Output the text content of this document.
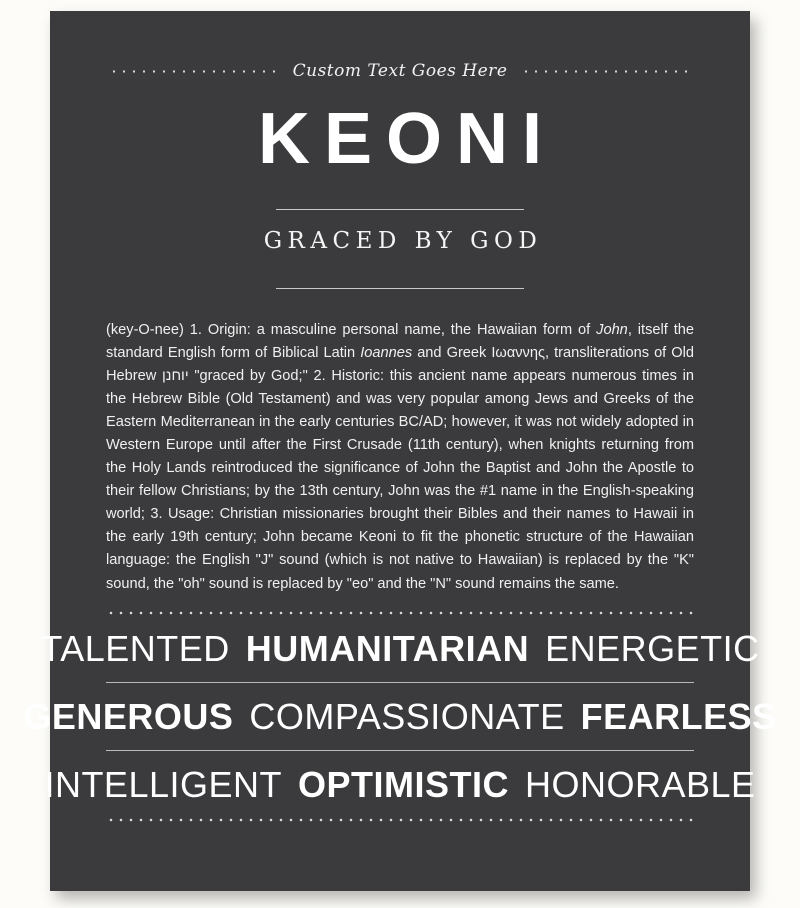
Custom Text Goes Here
KEONI
GRACED BY GOD
(key-O-nee) 1. Origin: a masculine personal name, the Hawaiian form of John, itself the standard English form of Biblical Latin Ioannes and Greek Ιωαννης, transliterations of Old Hebrew יוחנן "graced by God;" 2. Historic: this ancient name appears numerous times in the Hebrew Bible (Old Testament) and was very popular among Jews and Greeks of the Eastern Mediterranean in the early centuries BC/AD; however, it was not widely adopted in Western Europe until after the First Crusade (11th century), when knights returning from the Holy Lands reintroduced the significance of John the Baptist and John the Apostle to their fellow Christians; by the 13th century, John was the #1 name in the English-speaking world; 3. Usage: Christian missionaries brought their Bibles and their names to Hawaii in the early 19th century; John became Keoni to fit the phonetic structure of the Hawaiian language: the English "J" sound (which is not native to Hawaiian) is replaced by the "K" sound, the "oh" sound is replaced by "eo" and the "N" sound remains the same.
TALENTED HUMANITARIAN ENERGETIC
GENEROUS COMPASSIONATE FEARLESS
INTELLIGENT OPTIMISTIC HONORABLE
